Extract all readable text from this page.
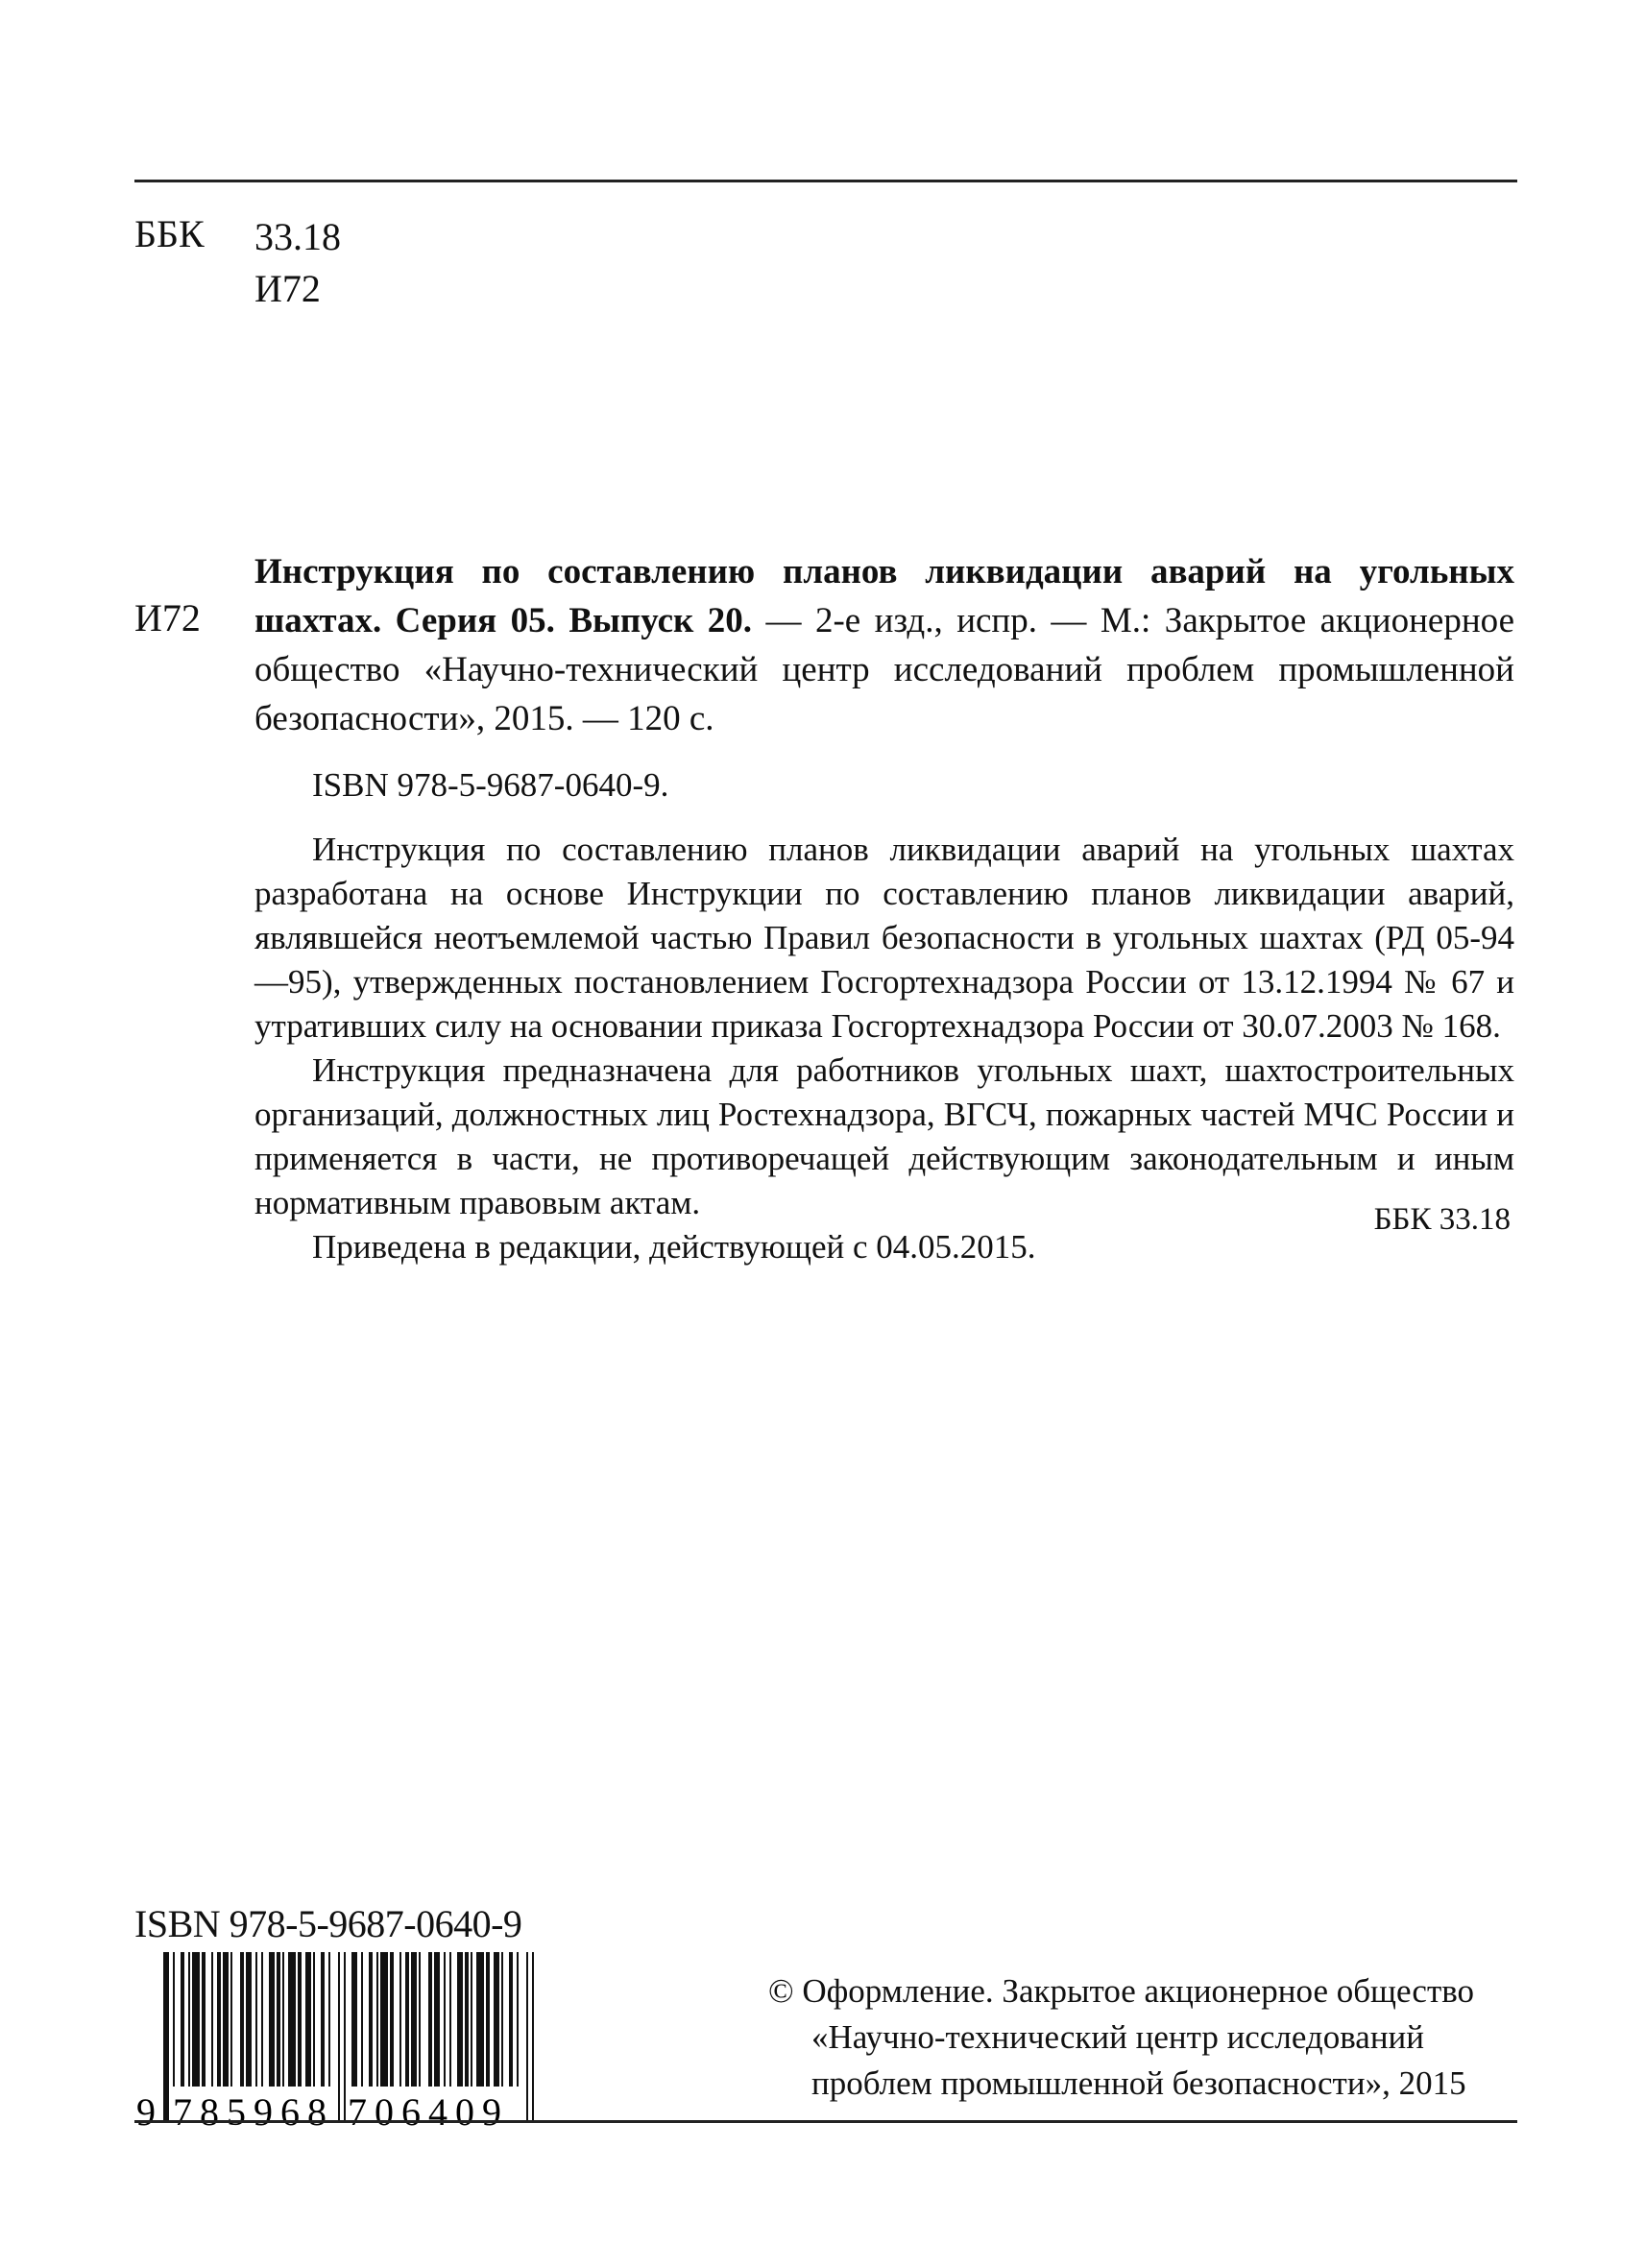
ББК 33.18
И72
И72

Инструкция по составлению планов ликвидации аварий на угольных шахтах. Серия 05. Выпуск 20. — 2-е изд., испр. — М.: Закрытое акционерное общество «Научно-технический центр исследований проблем промышленной безопасности», 2015. — 120 с.

ISBN 978-5-9687-0640-9.

Инструкция по составлению планов ликвидации аварий на угольных шахтах разработана на основе Инструкции по составлению планов ликвидации аварий, являвшейся неотъемлемой частью Правил безопасности в угольных шахтах (РД 05-94—95), утвержденных постановлением Госгортехнадзора России от 13.12.1994 № 67 и утративших силу на основании приказа Госгортехнадзора России от 30.07.2003 № 168.

Инструкция предназначена для работников угольных шахт, шахтостроительных организаций, должностных лиц Ростехнадзора, ВГСЧ, пожарных частей МЧС России и применяется в части, не противоречащей действующим законодательным и иным нормативным правовым актам.

Приведена в редакции, действующей с 04.05.2015.

ББК 33.18
ISBN 978-5-9687-0640-9
9 785968 706409
© Оформление. Закрытое акционерное общество
«Научно-технический центр исследований
проблем промышленной безопасности», 2015
